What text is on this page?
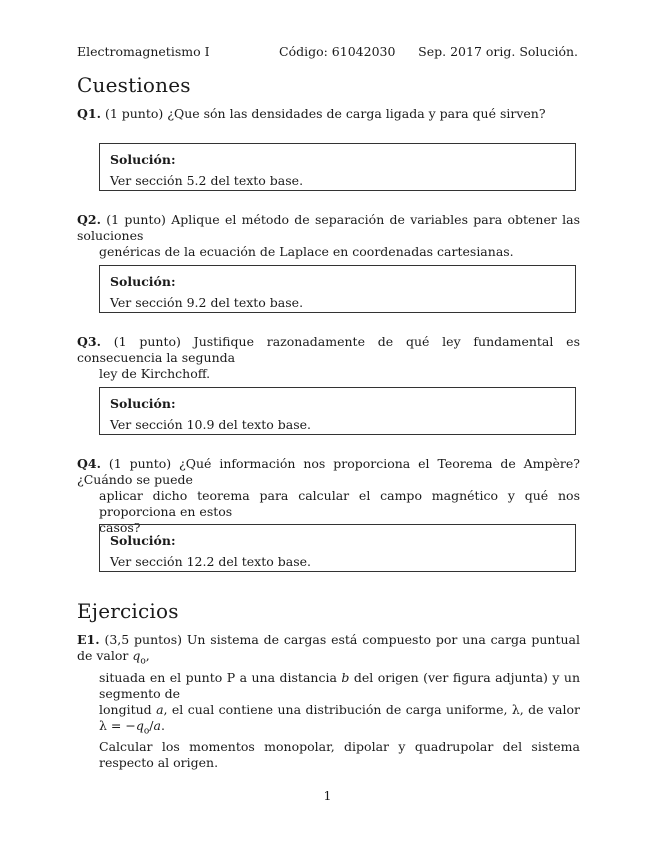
Electromagnetismo I	Código: 61042030 Sep. 2017 orig. Solución.
Cuestiones
Q1. (1 punto) ¿Que són las densidades de carga ligada y para qué sirven?
Solución:
Ver sección 5.2 del texto base.
Q2. (1 punto) Aplique el método de separación de variables para obtener las soluciones
genéricas de la ecuación de Laplace en coordenadas cartesianas.
Solución:
Ver sección 9.2 del texto base.
Q3. (1 punto) Justifique razonadamente de qué ley fundamental es consecuencia la segunda
ley de Kirchchoff.
Solución:
Ver sección 10.9 del texto base.
Q4. (1 punto) ¿Qué información nos proporciona el Teorema de Ampère? ¿Cuándo se puede
aplicar dicho teorema para calcular el campo magnético y qué nos proporciona en estos
casos?
Solución:
Ver sección 12.2 del texto base.
Ejercicios
E1. (3,5 puntos) Un sistema de cargas está compuesto por una carga puntual de valor $q_o$,
situada en el punto P a una distancia b del origen (ver figura adjunta) y un segmento de
longitud a, el cual contiene una distribución de carga uniforme, λ, de valor $\lambda = -q_o/a$.
Calcular los momentos monopolar, dipolar y quadrupolar del sistema respecto al origen.
1
